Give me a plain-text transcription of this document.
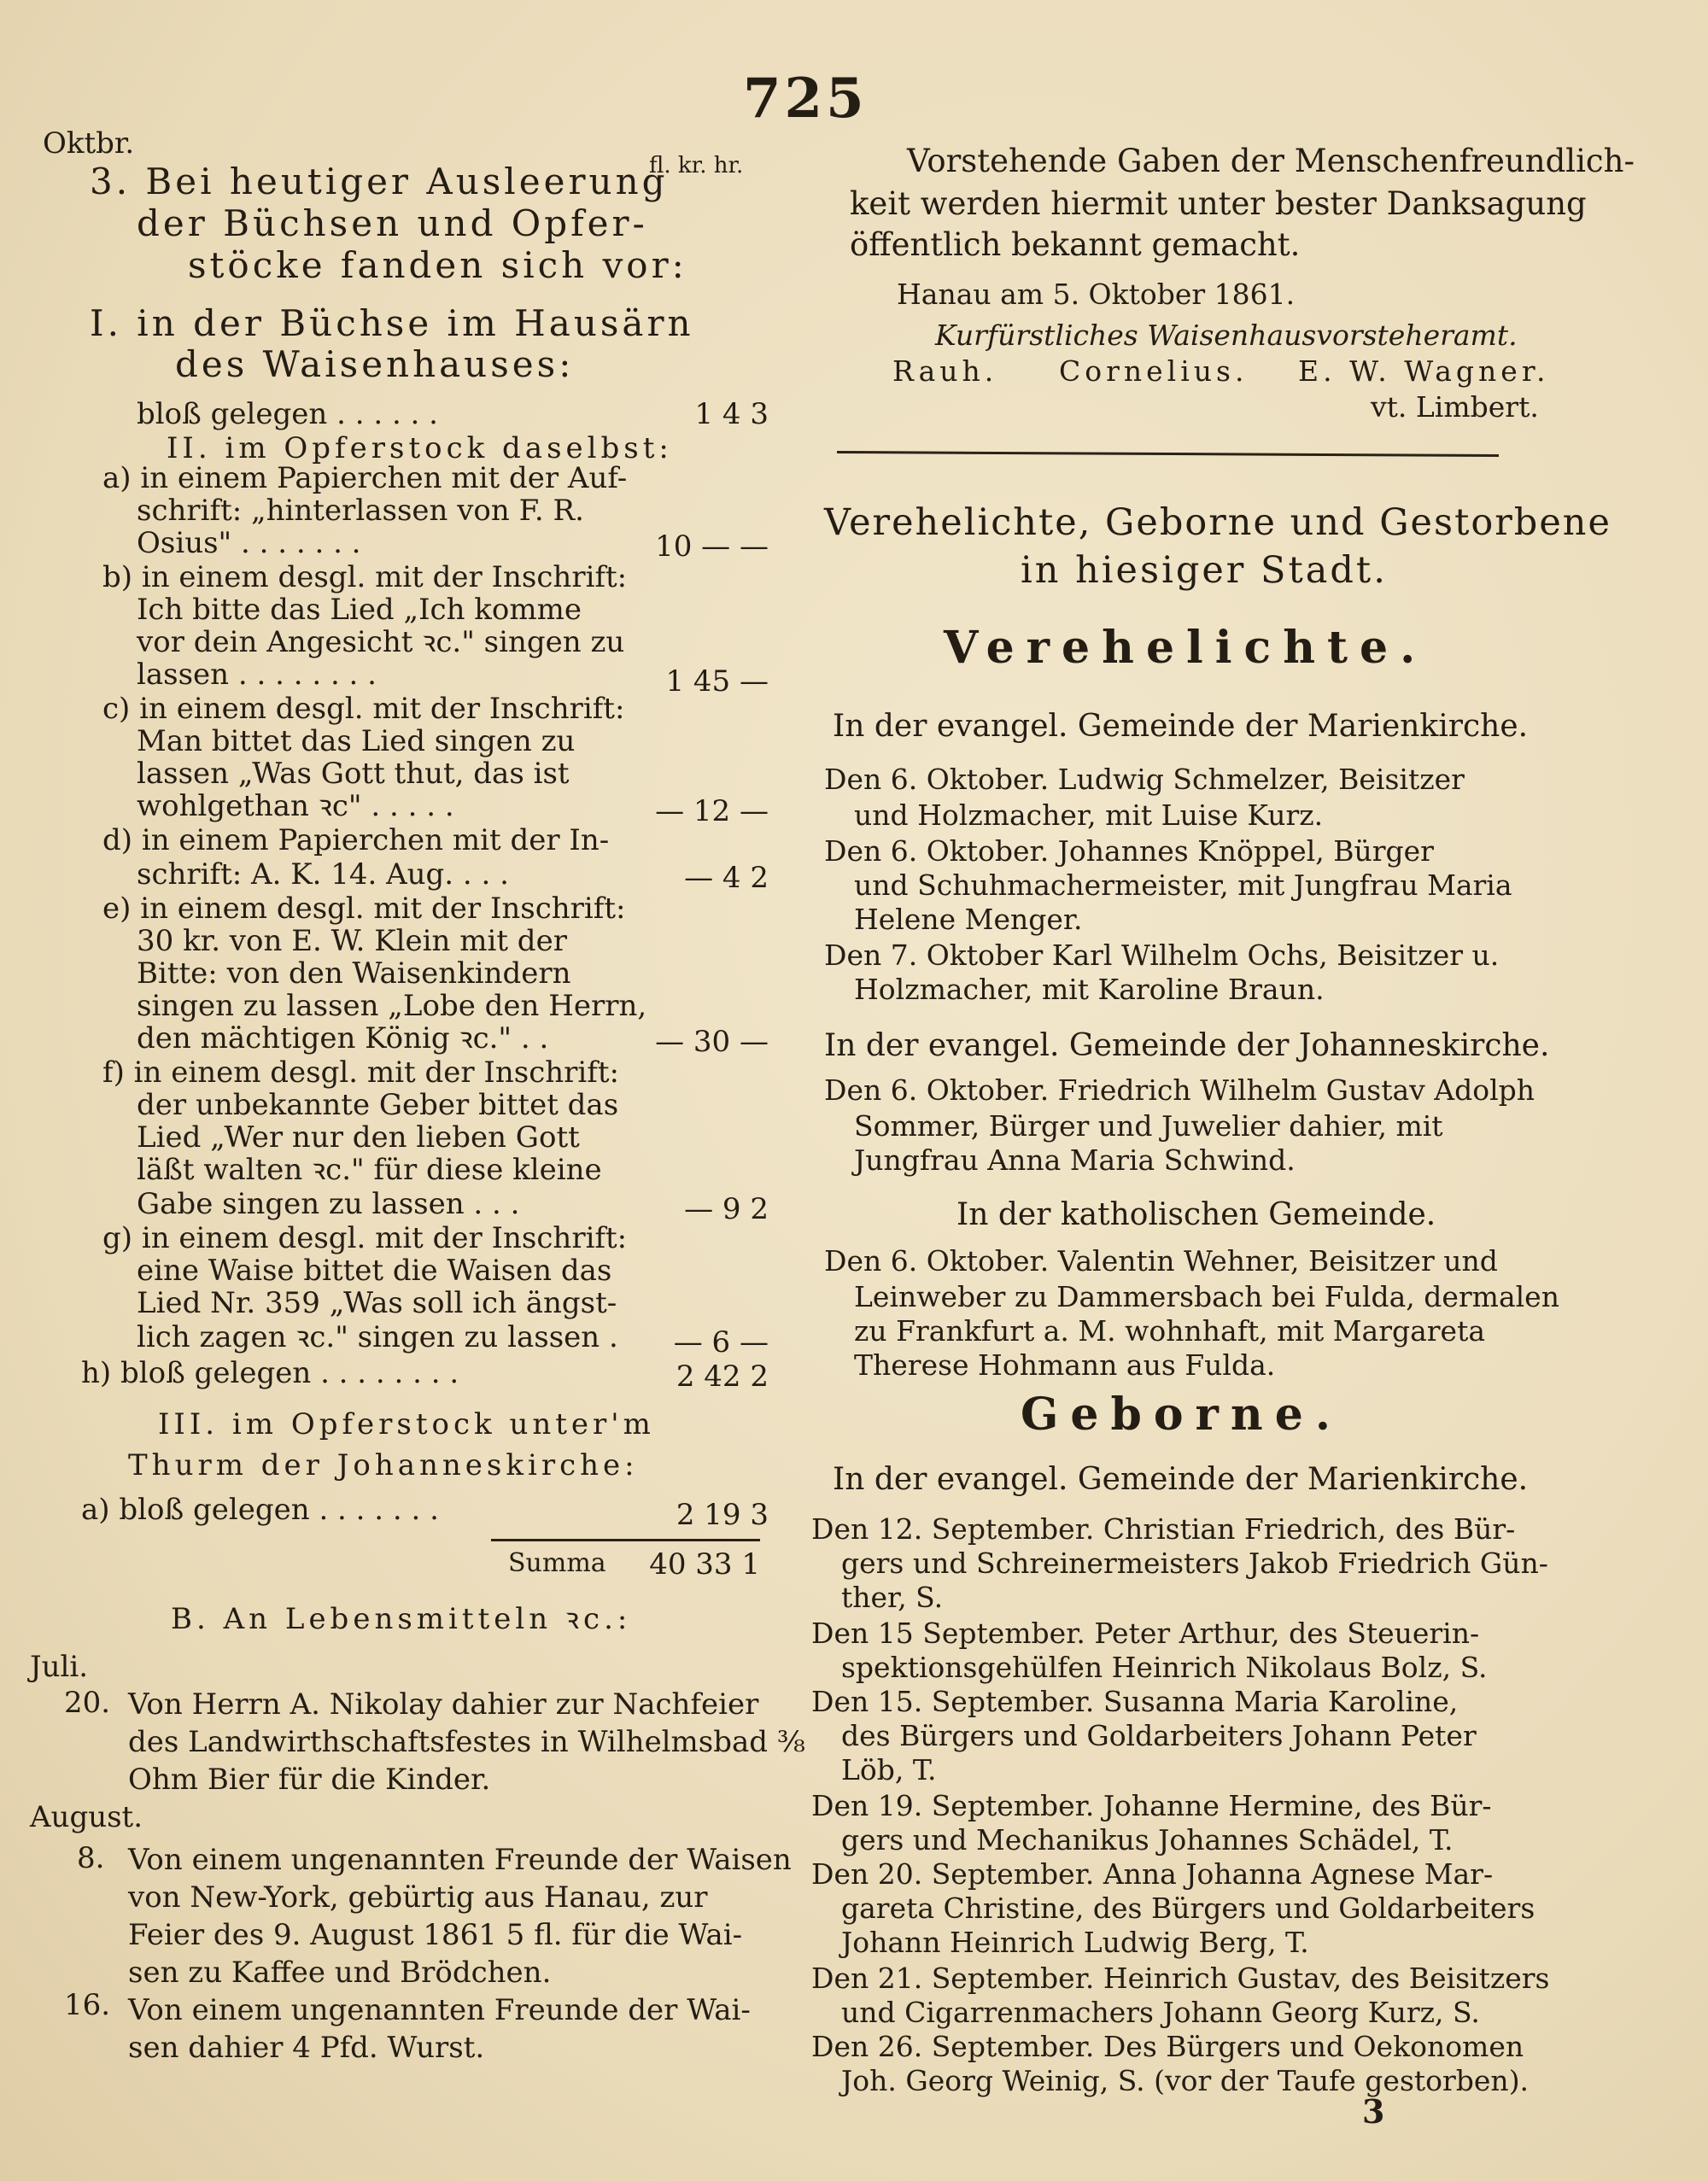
725
Oktbr.
fl. kr. hr.
3. Bei heutiger Ausleerung
der Büchsen und Opfer-
stöcke fanden sich vor:
I. in der Büchse im Hausärn
des Waisenhauses:
bloß gelegen . . . . . .	1 4 3
II. im Opferstock daselbst:
a) in einem Papierchen mit der Auf-
schrift: „hinterlassen von F. R.
Osius" . . . . . . .	10 — —
b) in einem desgl. mit der Inschrift:
Ich bitte das Lied „Ich komme
vor dein Angesicht ꝛc." singen zu
lassen . . . . . . . .	1 45 —
c) in einem desgl. mit der Inschrift:
Man bittet das Lied singen zu
lassen „Was Gott thut, das ist
wohlgethan ꝛc" . . . . .	— 12 —
d) in einem Papierchen mit der In-
schrift: A. K. 14. Aug. . . .	— 4 2
e) in einem desgl. mit der Inschrift:
30 kr. von E. W. Klein mit der
Bitte: von den Waisenkindern
singen zu lassen „Lobe den Herrn,
den mächtigen König ꝛc." . .	— 30 —
f) in einem desgl. mit der Inschrift:
der unbekannte Geber bittet das
Lied „Wer nur den lieben Gott
läßt walten ꝛc." für diese kleine
Gabe singen zu lassen . . .	— 9 2
g) in einem desgl. mit der Inschrift:
eine Waise bittet die Waisen das
Lied Nr. 359 „Was soll ich ängst-
lich zagen ꝛc." singen zu lassen .	— 6 —
h) bloß gelegen . . . . . . . .	2 42 2
III. im Opferstock unter'm
Thurm der Johanneskirche:
a) bloß gelegen . . . . . . .	2 19 3
Summa	40 33 1
B. An Lebensmitteln ꝛc.:
Juli.
20. Von Herrn A. Nikolay dahier zur Nachfeier
des Landwirthschaftsfestes in Wilhelmsbad ⅜
Ohm Bier für die Kinder.
August.
8. Von einem ungenannten Freunde der Waisen
von New-York, gebürtig aus Hanau, zur
Feier des 9. August 1861 5 fl. für die Wai-
sen zu Kaffee und Brödchen.
16. Von einem ungenannten Freunde der Wai-
sen dahier 4 Pfd. Wurst.
Vorstehende Gaben der Menschenfreundlich-
keit werden hiermit unter bester Danksagung
öffentlich bekannt gemacht.
Hanau am 5. Oktober 1861.
Kurfürstliches Waisenhausvorsteheramt.
Rauh. Cornelius. E. W. Wagner.
vt. Limbert.
Verehelichte, Geborne und Gestorbene
in hiesiger Stadt.
Verehelichte.
In der evangel. Gemeinde der Marienkirche.
Den 6. Oktober. Ludwig Schmelzer, Beisitzer
und Holzmacher, mit Luise Kurz.
Den 6. Oktober. Johannes Knöppel, Bürger
und Schuhmachermeister, mit Jungfrau Maria
Helene Menger.
Den 7. Oktober Karl Wilhelm Ochs, Beisitzer u.
Holzmacher, mit Karoline Braun.
In der evangel. Gemeinde der Johanneskirche.
Den 6. Oktober. Friedrich Wilhelm Gustav Adolph
Sommer, Bürger und Juwelier dahier, mit
Jungfrau Anna Maria Schwind.
In der katholischen Gemeinde.
Den 6. Oktober. Valentin Wehner, Beisitzer und
Leinweber zu Dammersbach bei Fulda, dermalen
zu Frankfurt a. M. wohnhaft, mit Margareta
Therese Hohmann aus Fulda.
Geborne.
In der evangel. Gemeinde der Marienkirche.
Den 12. September. Christian Friedrich, des Bür-
gers und Schreinermeisters Jakob Friedrich Gün-
ther, S.
Den 15 September. Peter Arthur, des Steuerin-
spektionsgehülfen Heinrich Nikolaus Bolz, S.
Den 15. September. Susanna Maria Karoline,
des Bürgers und Goldarbeiters Johann Peter
Löb, T.
Den 19. September. Johanne Hermine, des Bür-
gers und Mechanikus Johannes Schädel, T.
Den 20. September. Anna Johanna Agnese Mar-
gareta Christine, des Bürgers und Goldarbeiters
Johann Heinrich Ludwig Berg, T.
Den 21. September. Heinrich Gustav, des Beisitzers
und Cigarrenmachers Johann Georg Kurz, S.
Den 26. September. Des Bürgers und Oekonomen
Joh. Georg Weinig, S. (vor der Taufe gestorben).
3
